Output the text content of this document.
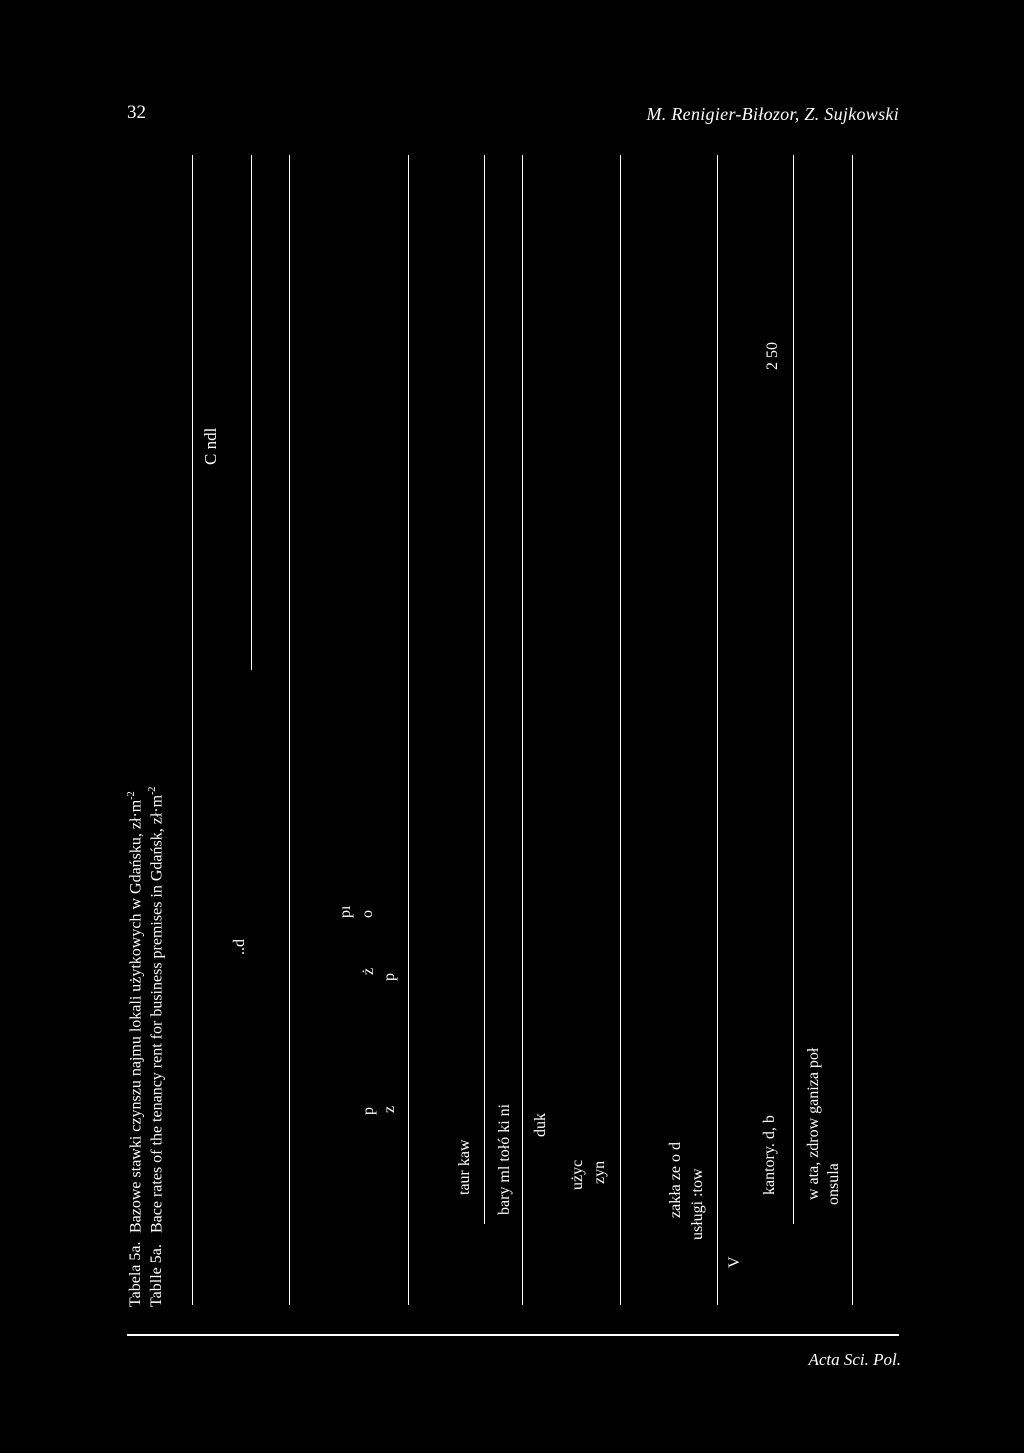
32	M. Renigier-Biłozor, Z. Sujkowski
Tabela 5a. Bazowe stawki czynszu najmu lokali użytkowych w Gdańsku, $zł\cdot m^{-2}$
Tablle 5a. Bace rates of the tenancy rent for business premises in Gdańsk, $zł\cdot m^{-2}$
C ndl
..d
p z
ż
p
pı o
taur kaw bary ml tołó ki ni duk
użyc zyn	zakła ze o d usługi :tow
V
kantory. d, b w ata, zdrow ganiza poł onsula
2 50
Acta Sci. Pol.
